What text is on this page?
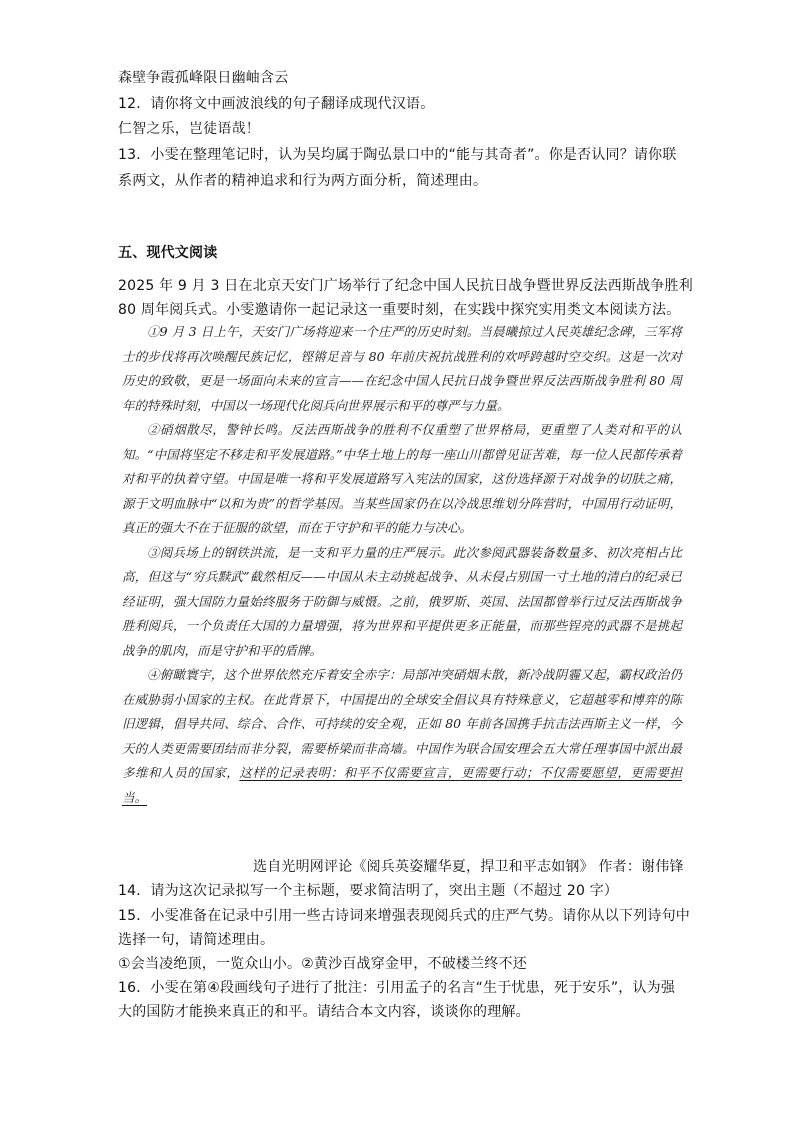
森壁争霞孤峰限日幽岫含云
12．请你将文中画波浪线的句子翻译成现代汉语。
仁智之乐，岂徒语哉！
13．小雯在整理笔记时，认为吴均属于陶弘景口中的“能与其奇者”。你是否认同？请你联
系两文，从作者的精神追求和行为两方面分析，简述理由。
五、现代文阅读
2025 年 9 月 3 日在北京天安门广场举行了纪念中国人民抗日战争暨世界反法西斯战争胜利
80 周年阅兵式。小雯邀请你一起记录这一重要时刻，在实践中探究实用类文本阅读方法。

①9 月 3 日上午，天安门广场将迎来一个庄严的历史时刻。当晨曦掠过人民英雄纪念碑，三军将士的步伐将再次唤醒民族记忆，铿锵足音与 80 年前庆祝抗战胜利的欢呼跨越时空交织。这是一次对历史的致敬，更是一场面向未来的宣言——在纪念中国人民抗日战争暨世界反法西斯战争胜利 80 周年的特殊时刻，中国以一场现代化阅兵向世界展示和平的尊严与力量。

②硝烟散尽，警钟长鸣。反法西斯战争的胜利不仅重塑了世界格局，更重塑了人类对和平的认知。“中国将坚定不移走和平发展道路。”中华土地上的每一座山川都曾见证苦难，每一位人民都传承着对和平的执着守望。中国是唯一将和平发展道路写入宪法的国家，这份选择源于对战争的切肤之痛，源于文明血脉中“以和为贵”的哲学基因。当某些国家仍在以冷战思维划分阵营时，中国用行动证明，真正的强大不在于征服的欲望，而在于守护和平的能力与决心。

③阅兵场上的钢铁洪流，是一支和平力量的庄严展示。此次参阅武器装备数量多、初次亮相占比高，但这与“穷兵黩武”截然相反——中国从未主动挑起战争、从未侵占别国一寸土地的清白的纪录已经证明，强大国防力量始终服务于防御与威慑。之前，俄罗斯、英国、法国都曾举行过反法西斯战争胜利阅兵，一个负责任大国的力量增强，将为世界和平提供更多正能量，而那些锃亮的武器不是挑起战争的肌肉，而是守护和平的盾牌。

④俯瞰寰宇，这个世界依然充斥着安全赤字：局部冲突硝烟未散，新冷战阴霾又起，霸权政治仍在威胁弱小国家的主权。在此背景下，中国提出的全球安全倡议具有特殊意义，它超越零和博弈的陈旧逻辑，倡导共同、综合、合作、可持续的安全观，正如 80 年前各国携手抗击法西斯主义一样，今天的人类更需要团结而非分裂，需要桥梁而非高墙。中国作为联合国安理会五大常任理事国中派出最多维和人员的国家，这样的记录表明：和平不仅需要宣言，更需要行动；不仅需要愿望，更需要担当。

选自光明网评论《阅兵英姿耀华夏，捍卫和平志如钢》 作者：谢伟锋
14．请为这次记录拟写一个主标题，要求简洁明了，突出主题（不超过 20 字）
15．小雯准备在记录中引用一些古诗词来增强表现阅兵式的庄严气势。请你从以下列诗句中
选择一句，请简述理由。
①会当凌绝顶，一览众山小。②黄沙百战穿金甲，不破楼兰终不还
16．小雯在第④段画线句子进行了批注：引用孟子的名言“生于忧患，死于安乐”，认为强
大的国防才能换来真正的和平。请结合本文内容，谈谈你的理解。
